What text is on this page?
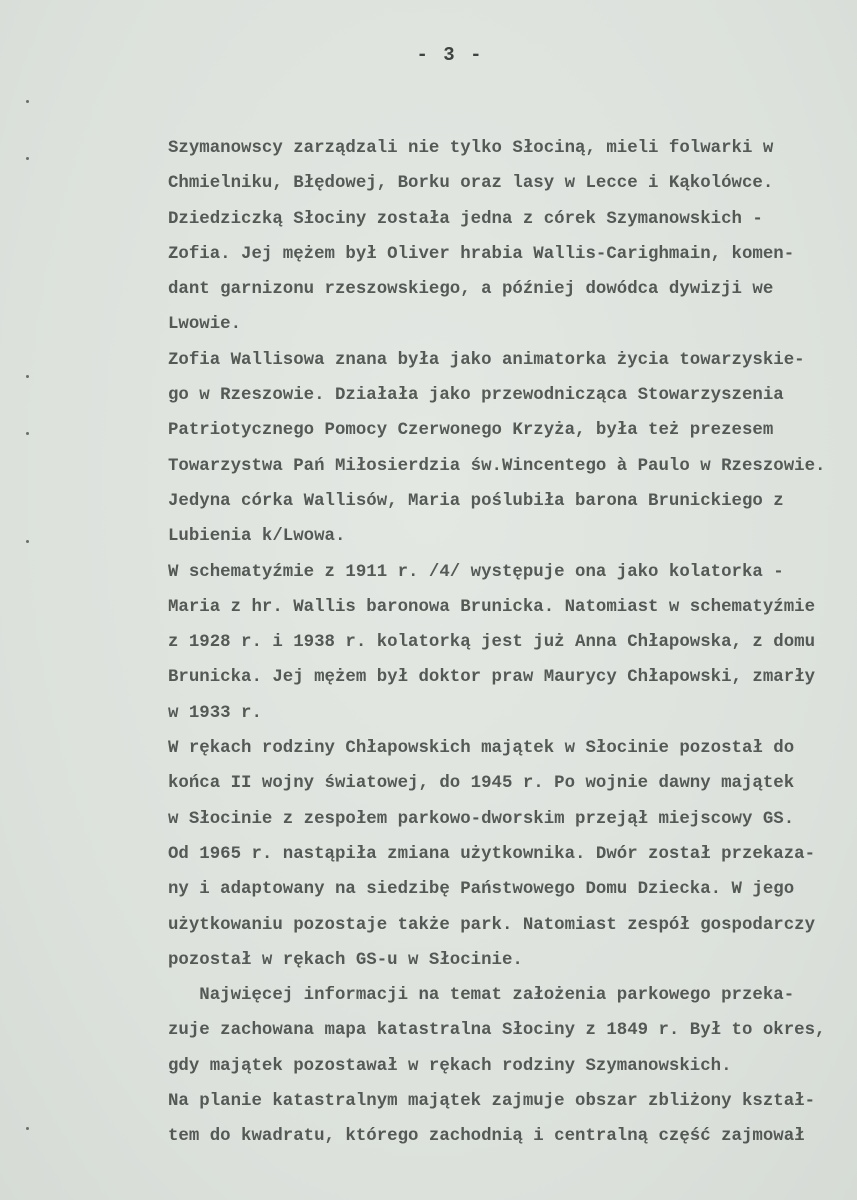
- 3 -
Szymanowscy zarządzali nie tylko Słociną, mieli folwarki w
Chmielniku, Błędowej, Borku oraz lasy w Lecce i Kąkolówce.
Dziedziczką Słociny została jedna z córek Szymanowskich -
Zofia. Jej mężem był Oliver hrabia Wallis-Carighmain, komen-
dant garnizonu rzeszowskiego, a później dowódca dywizji we
Lwowie.
Zofia Wallisowa znana była jako animatorka życia towarzyskie-
go w Rzeszowie. Działała jako przewodnicząca Stowarzyszenia
Patriotycznego Pomocy Czerwonego Krzyża, była też prezesem
Towarzystwa Pań Miłosierdzia św.Wincentego à Paulo w Rzeszowie.
Jedyna córka Wallisów, Maria poślubiła barona Brunickiego z
Lubienia k/Lwowa.
W schematyźmie z 1911 r. /4/ występuje ona jako kolatorka -
Maria z hr. Wallis baronowa Brunicka. Natomiast w schematyźmie
z 1928 r. i 1938 r. kolatorką jest już Anna Chłapowska, z domu
Brunicka. Jej mężem był doktor praw Maurycy Chłapowski, zmarły
w 1933 r.
W rękach rodziny Chłapowskich majątek w Słocinie pozostał do
końca II wojny światowej, do 1945 r. Po wojnie dawny majątek
w Słocinie z zespołem parkowo-dworskim przejął miejscowy GS.
Od 1965 r. nastąpiła zmiana użytkownika. Dwór został przekaza-
ny i adaptowany na siedzibę Państwowego Domu Dziecka. W jego
użytkowaniu pozostaje także park. Natomiast zespół gospodarczy
pozostał w rękach GS-u w Słocinie.
Najwięcej informacji na temat założenia parkowego przeka-
zuje zachowana mapa katastralna Słociny z 1849 r. Był to okres,
gdy majątek pozostawał w rękach rodziny Szymanowskich.
Na planie katastralnym majątek zajmuje obszar zbliżony kształ-
tem do kwadratu, którego zachodnią i centralną część zajmował
